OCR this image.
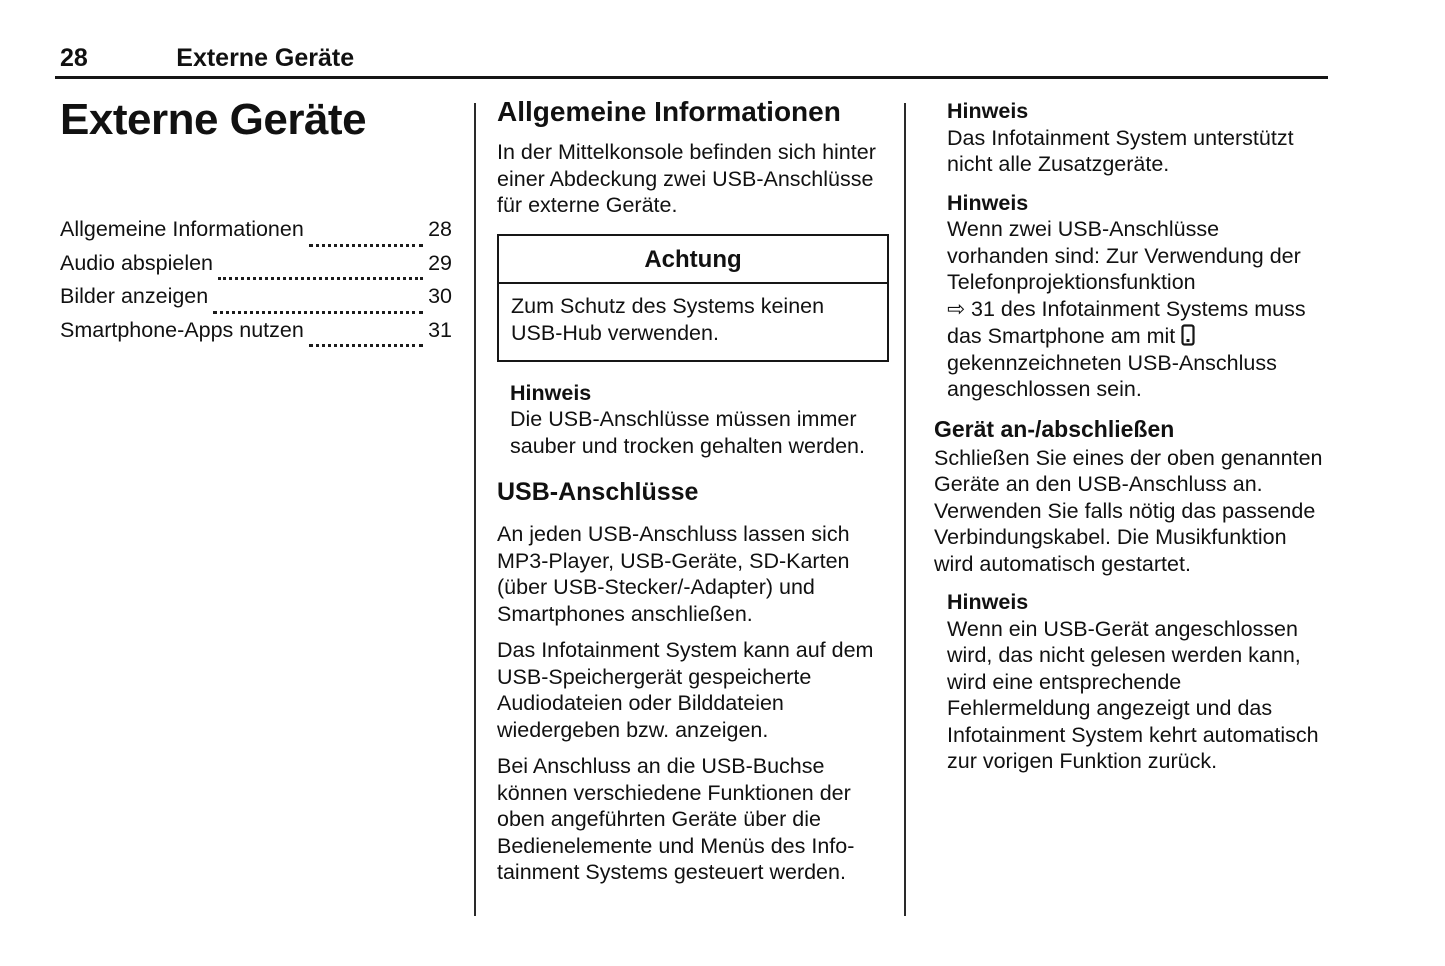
28	Externe Geräte
Externe Geräte
Allgemeine Informationen	28
Audio abspielen	29
Bilder anzeigen	30
Smartphone-Apps nutzen	31
Allgemeine Informationen

In der Mittelkonsole befinden sich hinter einer Abdeckung zwei USB-Anschlüsse für externe Geräte.

Achtung
Zum Schutz des Systems keinen USB-Hub verwenden.
Hinweis

Die USB-Anschlüsse müssen immer sauber und trocken gehalten werden.

USB-Anschlüsse

An jeden USB-Anschluss lassen sich MP3-Player, USB-Geräte, SD-Karten (über USB-Stecker/-Adapter) und Smartphones anschließen.

Das Infotainment System kann auf dem USB-Speichergerät gespeicherte Audiodateien oder Bilddateien wiedergeben bzw. anzeigen.

Bei Anschluss an die USB-Buchse können verschiedene Funktionen der oben angeführten Geräte über die Bedienelemente und Menüs des Infotainment Systems gesteuert werden.

Hinweis

Das Infotainment System unterstützt nicht alle Zusatzgeräte.

Hinweis

Wenn zwei USB-Anschlüsse vorhanden sind: Zur Verwendung der Telefonprojektionsfunktion
⇨ 31 des Infotainment Systems muss das Smartphone am mit  gekennzeichneten USB-Anschluss angeschlossen sein.

Gerät an-/abschließen

Schließen Sie eines der oben genannten Geräte an den USB-Anschluss an. Verwenden Sie falls nötig das passende Verbindungskabel. Die Musikfunktion wird automatisch gestartet.

Hinweis

Wenn ein USB-Gerät angeschlossen wird, das nicht gelesen werden kann, wird eine entsprechende Fehlermeldung angezeigt und das Infotainment System kehrt automatisch zur vorigen Funktion zurück.
